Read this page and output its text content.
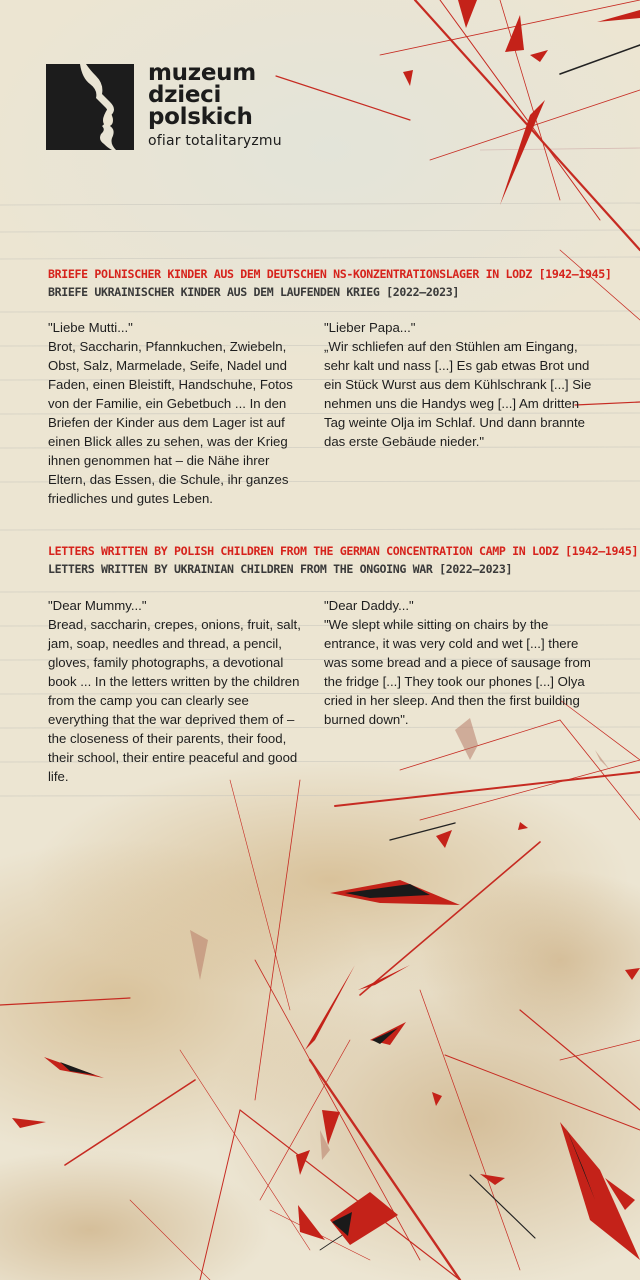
muzeum
dzieci
polskich
ofiar totalitaryzmu
BRIEFE POLNISCHER KINDER AUS DEM DEUTSCHEN NS-KONZENTRATIONSLAGER IN LODZ [1942–1945]
BRIEFE UKRAINISCHER KINDER AUS DEM LAUFENDEN KRIEG [2022–2023]
"Liebe Mutti..."

Brot, Saccharin, Pfannkuchen, Zwiebeln, Obst, Salz, Marmelade, Seife, Nadel und Faden, einen Bleistift, Handschuhe, Fotos von der Familie, ein Gebetbuch ... In den Briefen der Kinder aus dem Lager ist auf einen Blick alles zu sehen, was der Krieg ihnen genommen hat – die Nähe ihrer Eltern, das Essen, die Schule, ihr ganzes friedliches und gutes Leben.

"Lieber Papa..."

„Wir schliefen auf den Stühlen am Eingang, sehr kalt und nass [...] Es gab etwas Brot und ein Stück Wurst aus dem Kühlschrank [...] Sie nehmen uns die Handys weg [...] Am dritten Tag weinte Olja im Schlaf. Und dann brannte das erste Gebäude nieder."

LETTERS WRITTEN BY POLISH CHILDREN FROM THE GERMAN CONCENTRATION CAMP IN LODZ [1942–1945]
LETTERS WRITTEN BY UKRAINIAN CHILDREN FROM THE ONGOING WAR [2022–2023]
"Dear Mummy..."

Bread, saccharin, crepes, onions, fruit, salt, jam, soap, needles and thread, a pencil, gloves, family photographs, a devotional book ... In the letters written by the children from the camp you can clearly see everything that the war deprived them of – the closeness of their parents, their food, their school, their entire peaceful and good life.

"Dear Daddy..."

"We slept while sitting on chairs by the entrance, it was very cold and wet [...] there was some bread and a piece of sausage from the fridge [...] They took our phones [...] Olya cried in her sleep. And then the first building burned down".
